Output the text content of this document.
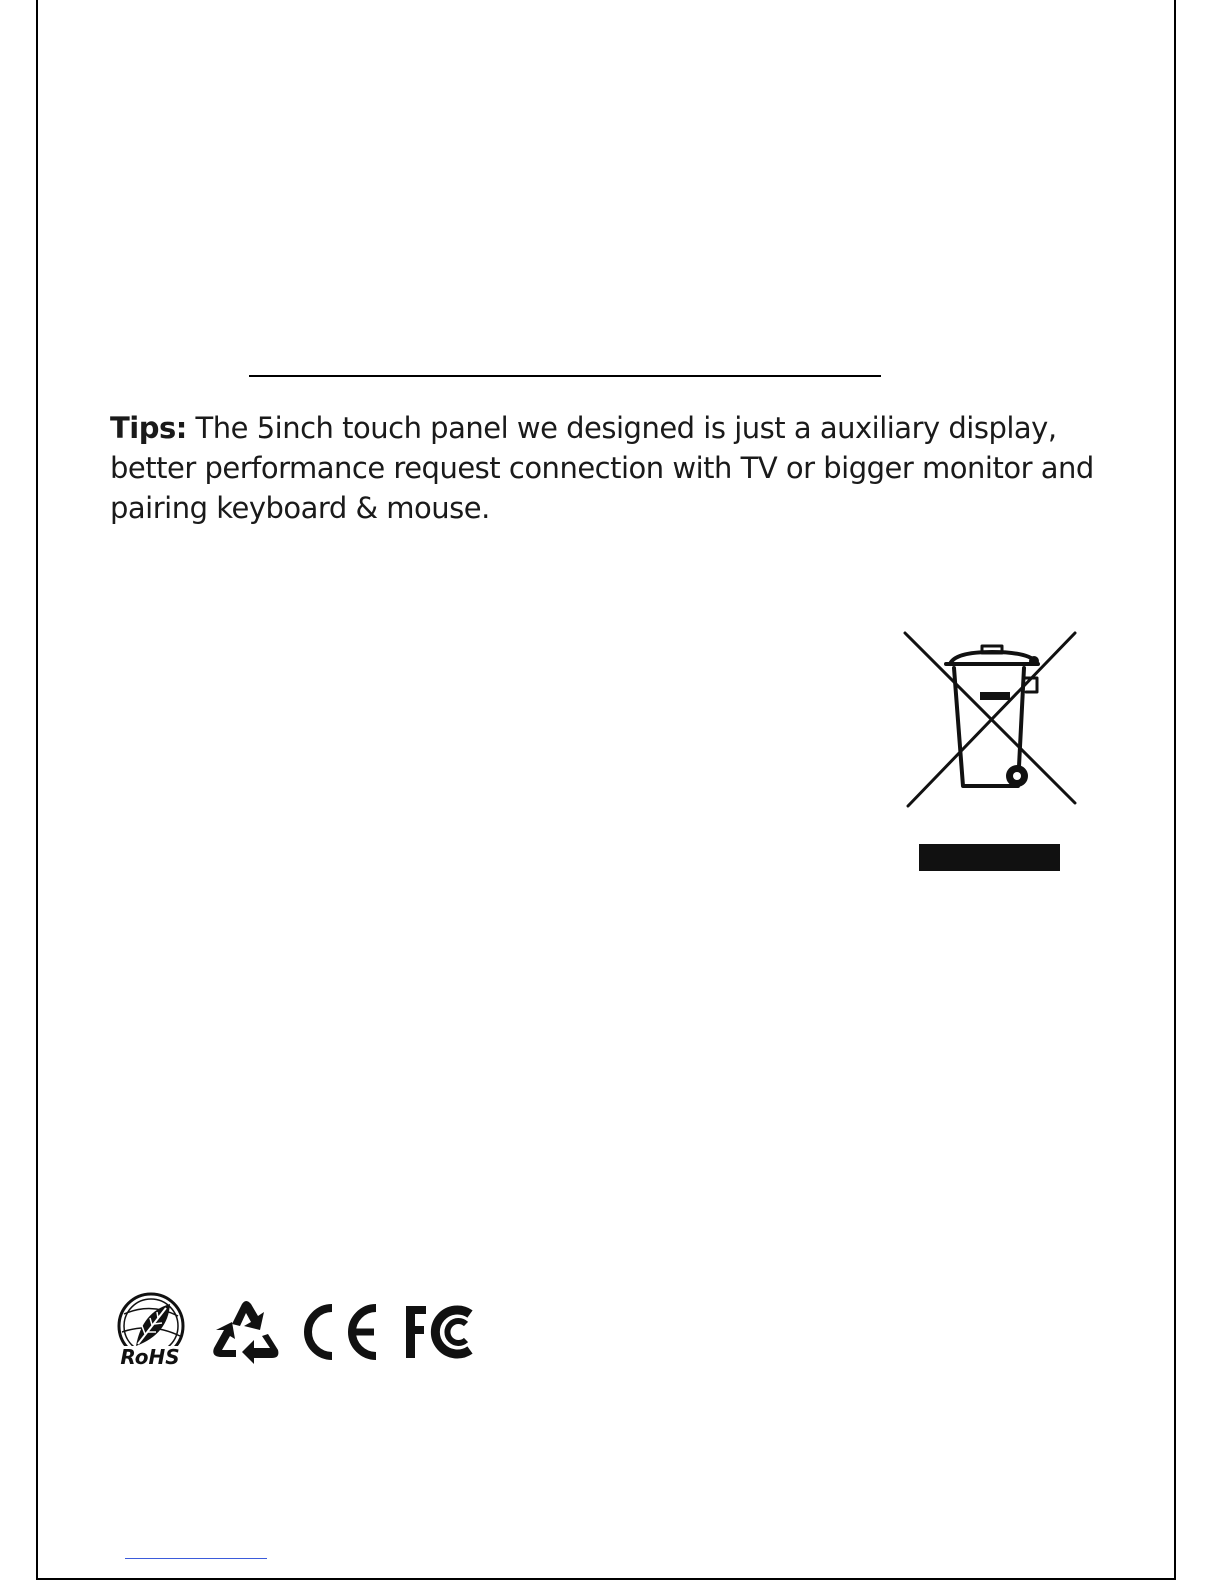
Tips: The 5inch touch panel we designed is just a auxiliary display, better performance request connection with TV or bigger monitor and pairing keyboard & mouse.

RoHS
